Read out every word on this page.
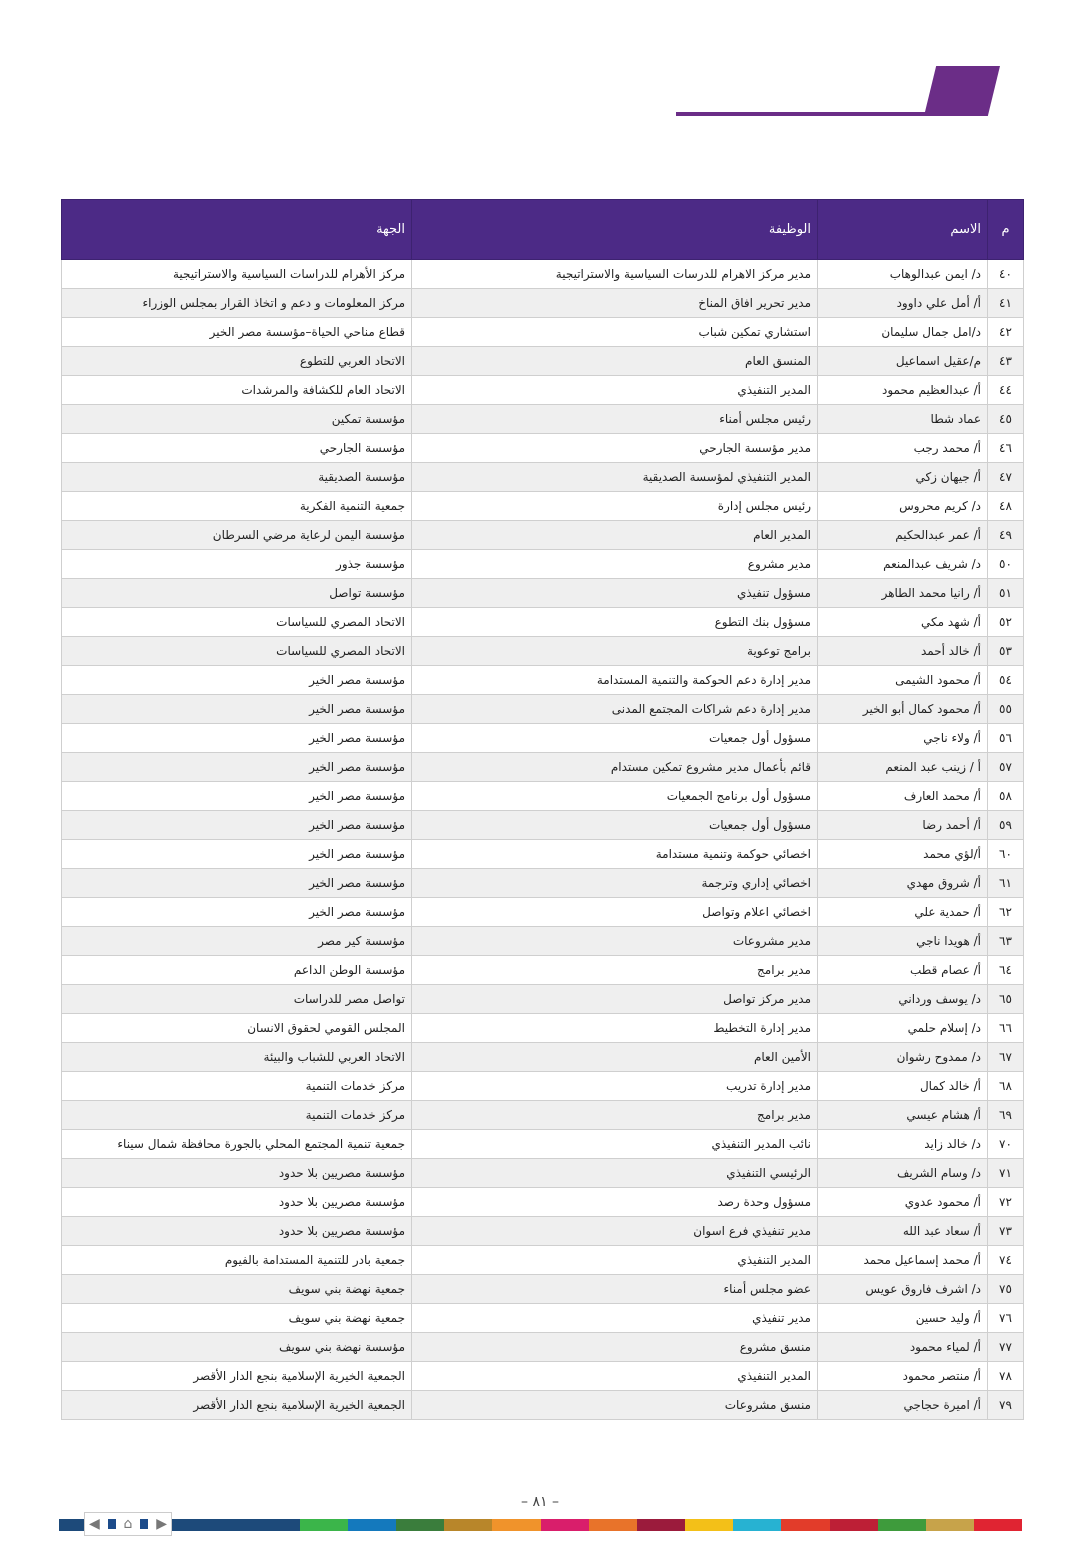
م	الاسم	الوظيفة	الجهة
٤٠	د/ ايمن عبدالوهاب	مدير مركز الاهرام للدرسات السياسية والاستراتيجية	مركز الأهرام للدراسات السياسية والاستراتيجية
٤١	أ/ أمل علي داوود	مدير تحرير افاق المناخ	مركز المعلومات و دعم و اتخاذ القرار بمجلس الوزراء
٤٢	د/امل جمال سليمان	استشاري تمكين شباب	قطاع مناحي الحياة–مؤسسة مصر الخير
٤٣	م/عقيل اسماعيل	المنسق العام	الاتحاد العربي للتطوع
٤٤	أ/ عبدالعظيم محمود	المدير التنفيذي	الاتحاد العام للكشافة والمرشدات
٤٥	عماد شطا	رئيس مجلس أمناء	مؤسسة تمكين
٤٦	أ/ محمد رجب	مدير مؤسسة الجارحي	مؤسسة الجارحي
٤٧	أ/ جيهان زكي	المدير التنفيذي لمؤسسة الصديقية	مؤسسة الصديقية
٤٨	د/ كريم محروس	رئيس مجلس إدارة	جمعية التنمية الفكرية
٤٩	أ/ عمر عبدالحكيم	المدير العام	مؤسسة اليمن لرعاية مرضي السرطان
٥٠	د/ شريف عبدالمنعم	مدير مشروع	مؤسسة جذور
٥١	أ/ رانيا محمد الطاهر	مسؤول تنفيذي	مؤسسة تواصل
٥٢	أ/ شهد مكي	مسؤول بنك التطوع	الاتحاد المصري للسياسات
٥٣	أ/ خالد أحمد	برامج توعوية	الاتحاد المصري للسياسات
٥٤	أ/ محمود الشيمى	مدير إدارة دعم الحوكمة والتنمية المستدامة	مؤسسة مصر الخير
٥٥	أ/ محمود كمال أبو الخير	مدير إدارة دعم شراكات المجتمع المدنى	مؤسسة مصر الخير
٥٦	أ/ ولاء ناجي	مسؤول أول جمعيات	مؤسسة مصر الخير
٥٧	أ / زينب عبد المنعم	قائم بأعمال مدير مشروع تمكين مستدام	مؤسسة مصر الخير
٥٨	أ/ محمد العارف	مسؤول أول برنامج الجمعيات	مؤسسة مصر الخير
٥٩	أ/ أحمد رضا	مسؤول أول جمعيات	مؤسسة مصر الخير
٦٠	أ/لؤي محمد	اخصائي حوكمة وتنمية مستدامة	مؤسسة مصر الخير
٦١	أ/ شروق مهدي	اخصائي إداري وترجمة	مؤسسة مصر الخير
٦٢	أ/ حمدية علي	اخصائي اعلام وتواصل	مؤسسة مصر الخير
٦٣	أ/ هويدا ناجي	مدير مشروعات	مؤسسة كير مصر
٦٤	أ/ عصام قطب	مدير برامج	مؤسسة الوطن الداعم
٦٥	د/ يوسف ورداني	مدير مركز تواصل	تواصل مصر للدراسات
٦٦	د/ إسلام حلمي	مدير إدارة التخطيط	المجلس القومي لحقوق الانسان
٦٧	د/ ممدوح رشوان	الأمين العام	الاتحاد العربي للشباب والبيئة
٦٨	أ/ خالد كمال	مدير إدارة تدريب	مركز خدمات التنمية
٦٩	أ/ هشام عيسي	مدير برامج	مركز خدمات التنمية
٧٠	د/ خالد زايد	نائب المدير التنفيذي	جمعية تنمية المجتمع المحلي بالجورة محافظة شمال سيناء
٧١	د/ وسام الشريف	الرئيسي التنفيذي	مؤسسة مصريين بلا حدود
٧٢	أ/ محمود عدوي	مسؤول وحدة رصد	مؤسسة مصريين بلا حدود
٧٣	أ/ سعاد عبد الله	مدير تنفيذي فرع اسوان	مؤسسة مصريين بلا حدود
٧٤	أ/ محمد إسماعيل محمد	المدير التنفيذي	جمعية بادر للتنمية المستدامة بالفيوم
٧٥	د/ اشرف فاروق عويس	عضو مجلس أمناء	جمعية نهضة بني سويف
٧٦	أ/ وليد حسين	مدير تنفيذي	جمعية نهضة بني سويف
٧٧	أ/ لمياء محمود	منسق مشروع	مؤسسة نهضة بني سويف
٧٨	أ/ منتصر محمود	المدير التنفيذي	الجمعية الخيرية الإسلامية بنجع الدار الأقصر
٧٩	أ/ اميرة حجاجي	منسق مشروعات	الجمعية الخيرية الإسلامية بنجع الدار الأقصر
– ٨١ –
◀ ⌂ ▶
